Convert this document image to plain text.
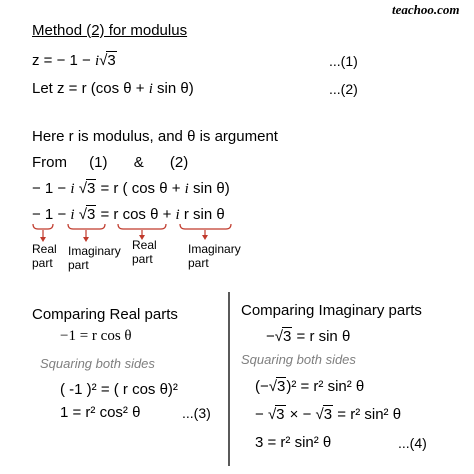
teachoo.com
Method (2) for modulus
z = − 1 − i√3	...(1)
Let z = r (cos θ + i sin θ)	...(2)
Here r is modulus, and θ is argument
From (1) & (2)
− 1 − i √3 = r ( cos θ + i sin θ)
− 1 − i √3 = r cos θ + i r sin θ
Real part
Imaginary part
Real part
Imaginary part
Comparing Real parts
−1 = r cos θ
Squaring both sides
( -1 )² = ( r cos θ)²
1 = r² cos² θ	...(3)
Comparing Imaginary parts
−√3 = r sin θ
Squaring both sides
(−√3)² = r² sin² θ
− √3 × − √3 = r² sin² θ
3 = r² sin² θ	...(4)
